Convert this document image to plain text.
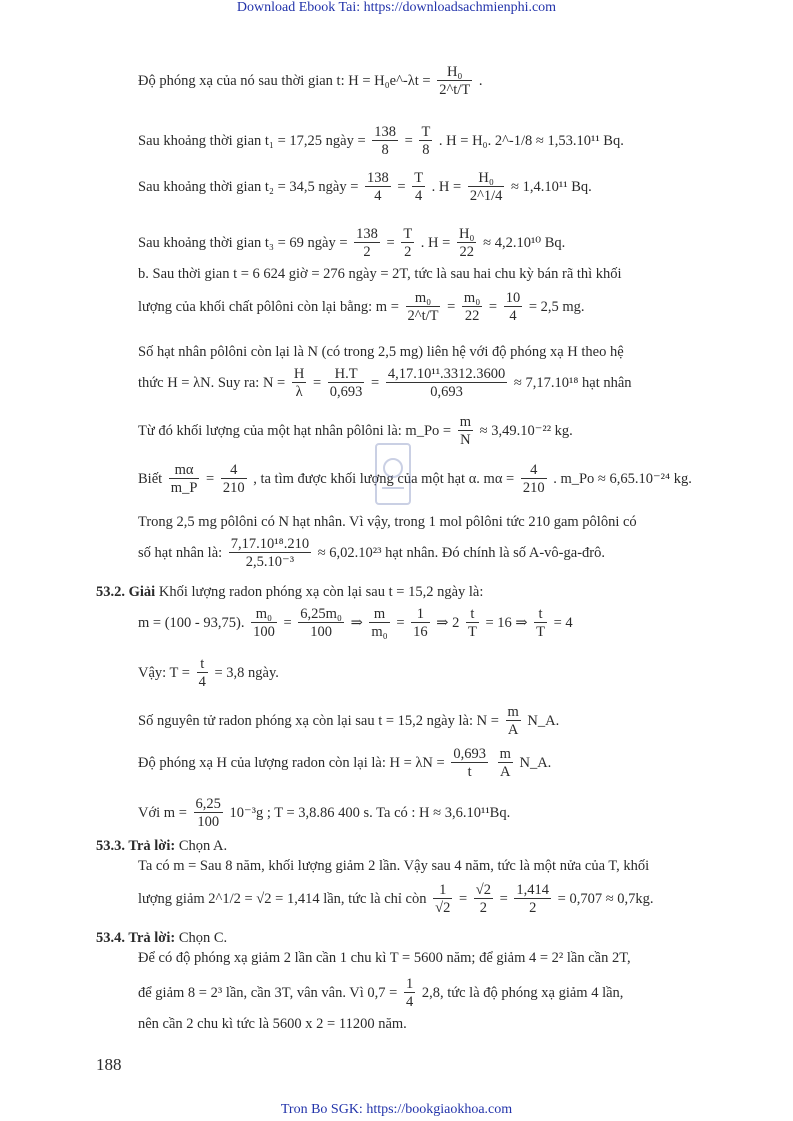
Download Ebook Tai: https://downloadsachmienphi.com
Độ phóng xạ của nó sau thời gian t: H = H₀e^-λt = $\frac{\text{H₀}}{2\^{}t/T}$ .
Sau khoảng thời gian t₁ = 17,25 ngày = $\frac{138}{8} = \frac{T}{8}$ . H = H₀. 2^-1/8 ≈ 1,53.10¹¹ Bq.
Sau khoảng thời gian t₂ = 34,5 ngày = $\frac{138}{4} = \frac{T}{4}$ . $H = \frac{\text{H₀}}{2\^{}1/4} \approx 1,4.10^{11}$ Bq.
Sau khoảng thời gian t₃ = 69 ngày = $\frac{138}{2} = \frac{T}{2}$ . $H = \frac{\text{H₀}}{22} \approx 4,2.10^{10}$ Bq.
b. Sau thời gian t = 6 624 giờ = 276 ngày = 2T, tức là sau hai chu kỳ bán rã thì khối
lượng của khối chất pôlôni còn lại bằng: $m = \frac{\text{m₀}}{2\^{}t/T} = \frac{\text{m₀}}{22} = \frac{10}{4} = 2,5$ mg.
Số hạt nhân pôlôni còn lại là N (có trong 2,5 mg) liên hệ với độ phóng xạ H theo hệ
thức H = λN. Suy ra: $N = \frac{H}{\lambda} = \frac{H.T}{0,693} = \frac{\text{4,17.10¹¹.3312.3600}}{0,693} \approx 7,17.10^{18}$ hạt nhân
Từ đó khối lượng của một hạt nhân pôlôni là: m_Po = $\frac{m}{N} \approx 3,49.10^{-22}$ kg.
Biết $\frac{m\alpha}{m\_P} = \frac{4}{210}$ , ta tìm được khối lượng của một hạt α. $m\alpha = \frac{4}{210}$ . m_Po ≈ 6,65.10⁻²⁴ kg.
Trong 2,5 mg pôlôni có N hạt nhân. Vì vậy, trong 1 mol pôlôni tức 210 gam pôlôni có
số hạt nhân là: $\frac{\text{7,17.10¹⁸.210}}{\text{2,5.10⁻³}} \approx 6,02.10^{23}$ hạt nhân. Đó chính là số A-vô-ga-đrô.
53.2. Giải Khối lượng radon phóng xạ còn lại sau t = 15,2 ngày là:
m = (100 - 93,75). $\frac{\text{m₀}}{100} = \frac{\text{6,25m₀}}{100}$ ⇒ $\frac{m}{\text{m₀}} = \frac{1}{16}$ ⇒ $2 \frac{t}{T} = 16$ ⇒ $\frac{t}{T} = 4$
Vậy: $T = \frac{t}{4} = 3,8$ ngày.
Số nguyên tử radon phóng xạ còn lại sau t = 15,2 ngày là: $N = \frac{m}{A}$ N_A.
Độ phóng xạ H của lượng radon còn lại là: $H = \lambda N = \frac{0,693}{t}$
$\frac{m}{A}$ N_A.
Với $m = \frac{6,25}{100} 10^{-3}g$ ; T = 3,8.86 400 s. Ta có : H ≈ 3,6.10¹¹Bq.
53.3. Trả lời: Chọn A.
Ta có m = Sau 8 năm, khối lượng giảm 2 lần. Vậy sau 4 năm, tức là một nửa của T, khối
lượng giảm 2^1/2 = √2 = 1,414 lần, tức là chỉ còn $\frac{1}{√2} = \frac{√2}{2} = \frac{1,414}{2} = 0,707 \approx 0,7kg$.
53.4. Trả lời: Chọn C.
Để có độ phóng xạ giảm 2 lần cần 1 chu kì T = 5600 năm; để giảm 4 = 2² lần cần 2T,
để giảm 8 = 2³ lần, cần 3T, vân vân. Vì $0,7 = \frac{1}{4} 2,8$, tức là độ phóng xạ giảm 4 lần,
nên cần 2 chu kì tức là 5600 x 2 = 11200 năm.
188
Tron Bo SGK: https://bookgiaokhoa.com
